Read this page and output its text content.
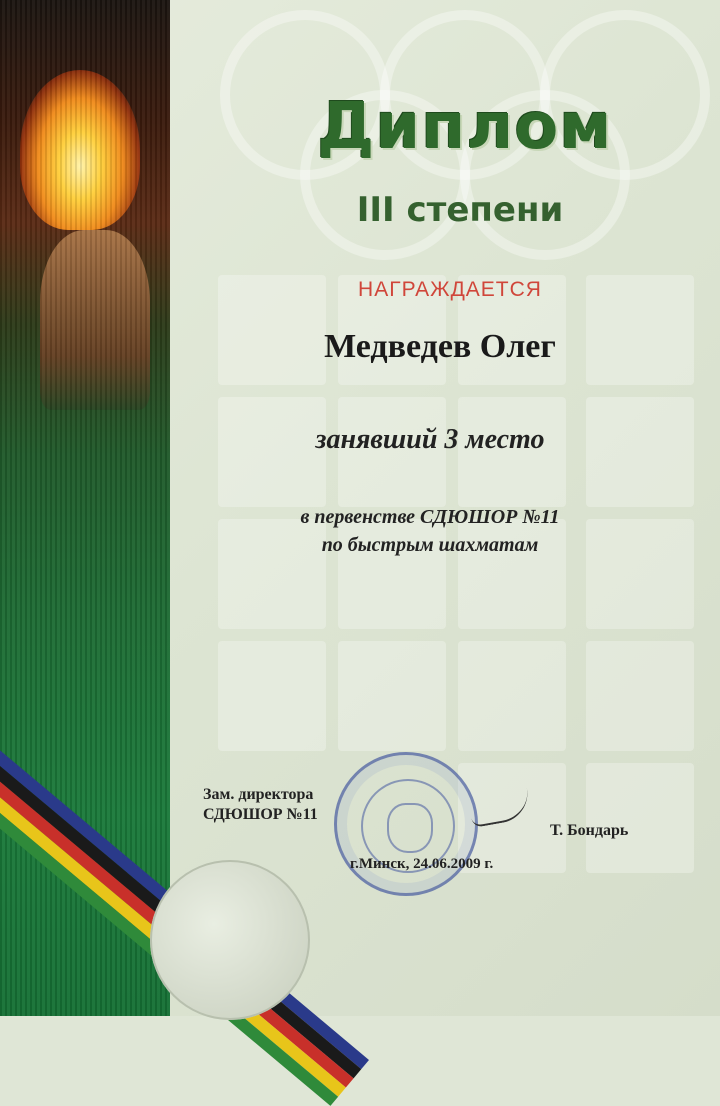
Диплом
III степени
НАГРАЖДАЕТСЯ
Медведев Олег
занявший 3 место
в первенстве СДЮШОР №11
по быстрым шахматам
Зам. директора
СДЮШОР №11
Т. Бондарь
г.Минск, 24.06.2009 г.
